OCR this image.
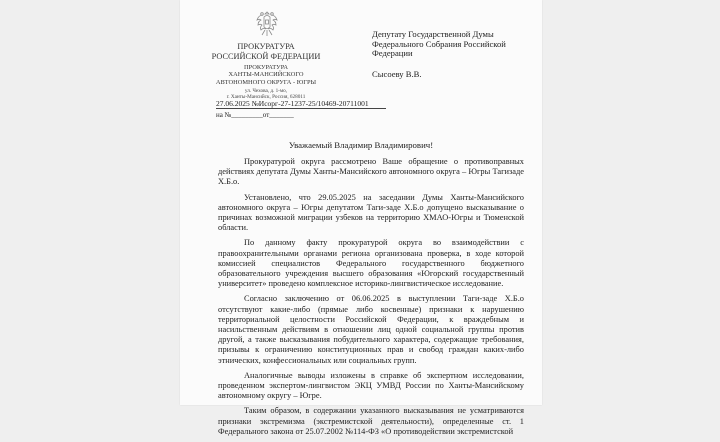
ПРОКУРАТУРА
РОССИЙСКОЙ ФЕДЕРАЦИИ
ПРОКУРАТУРА
ХАНТЫ-МАНСИЙСКОГО
АВТОНОМНОГО ОКРУГА - ЮГРЫ
ул. Чехова, д. 1-мо,
г. Ханты-Мансийск, Россия, 628011
27.06.2025 №Исорг-27-1237-25/10469-20711001
на №_________от_______
Депутату Государственной Думы
Федерального Собрания Российской
Федерации
Сысоеву В.В.
Уважаемый Владимир Владимирович!

Прокуратурой округа рассмотрено Ваше обращение о противоправных действиях депутата Думы Ханты-Мансийского автономного округа – Югры Тагизаде Х.Б.о.

Установлено, что 29.05.2025 на заседании Думы Ханты-Мансийского автономного округа – Югры депутатом Таги-заде Х.Б.о допущено высказывание о причинах возможной миграции узбеков на территорию ХМАО-Югры и Тюменской области.

По данному факту прокуратурой округа во взаимодействии с правоохранительными органами региона организована проверка, в ходе которой комиссией специалистов Федерального государственного бюджетного образовательного учреждения высшего образования «Югорский государственный университет» проведено комплексное историко-лингвистическое исследование.

Согласно заключению от 06.06.2025 в выступлении Таги-заде Х.Б.о отсутствуют какие-либо (прямые либо косвенные) признаки к нарушению территориальной целостности Российской Федерации, к враждебным и насильственным действиям в отношении лиц одной социальной группы против другой, а также высказывания побудительного характера, содержащие требования, призывы к ограничению конституционных прав и свобод граждан каких-либо этнических, конфессиональных или социальных групп.

Аналогичные выводы изложены в справке об экспертном исследовании, проведенном экспертом-лингвистом ЭКЦ УМВД России по Ханты-Мансийскому автономному округу – Югре.

Таким образом, в содержании указанного высказывания не усматриваются признаки экстремизма (экстремистской деятельности), определенные ст. 1 Федерального закона от 25.07.2002 №114-ФЗ «О противодействии экстремистской
